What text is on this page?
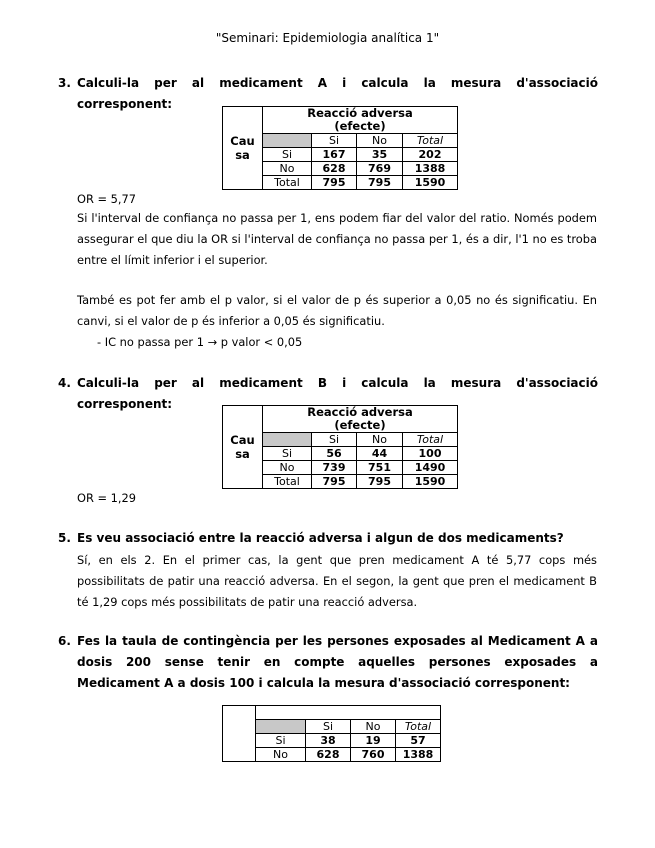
"Seminari: Epidemiologia analítica 1"
3. Calculi-la per al medicament A i calcula la mesura d'associació corresponent:
Cau
sa	Reacció adversa			
	(efecte)			
		Si	No	Total
	Si	167	35	202
	No	628	769	1388
	Total	795	795	1590
OR = 5,77
Si l'interval de confiança no passa per 1, ens podem fiar del valor del ratio. Només podem assegurar el que diu la OR si l'interval de confiança no passa per 1, és a dir, l'1 no es troba entre el límit inferior i el superior.
També es pot fer amb el p valor, si el valor de p és superior a 0,05 no és significatiu. En canvi, si el valor de p és inferior a 0,05 és significatiu.
- IC no passa per 1 → p valor < 0,05
4. Calculi-la per al medicament B i calcula la mesura d'associació corresponent:
Cau
sa	Reacció adversa			
	(efecte)			
		Si	No	Total
	Si	56	44	100
	No	739	751	1490
	Total	795	795	1590
OR = 1,29
5. Es veu associació entre la reacció adversa i algun de dos medicaments?
Sí, en els 2. En el primer cas, la gent que pren medicament A té 5,77 cops més possibilitats de patir una reacció adversa. En el segon, la gent que pren el medicament B té 1,29 cops més possibilitats de patir una reacció adversa.
6. Fes la taula de contingència per les persones exposades al Medicament A a dosis 200 sense tenir en compte aquelles persones exposades a Medicament A a dosis 100 i calcula la mesura d'associació corresponent:

		Si	No	Total
	Si	38	19	57
	No	628	760	1388
